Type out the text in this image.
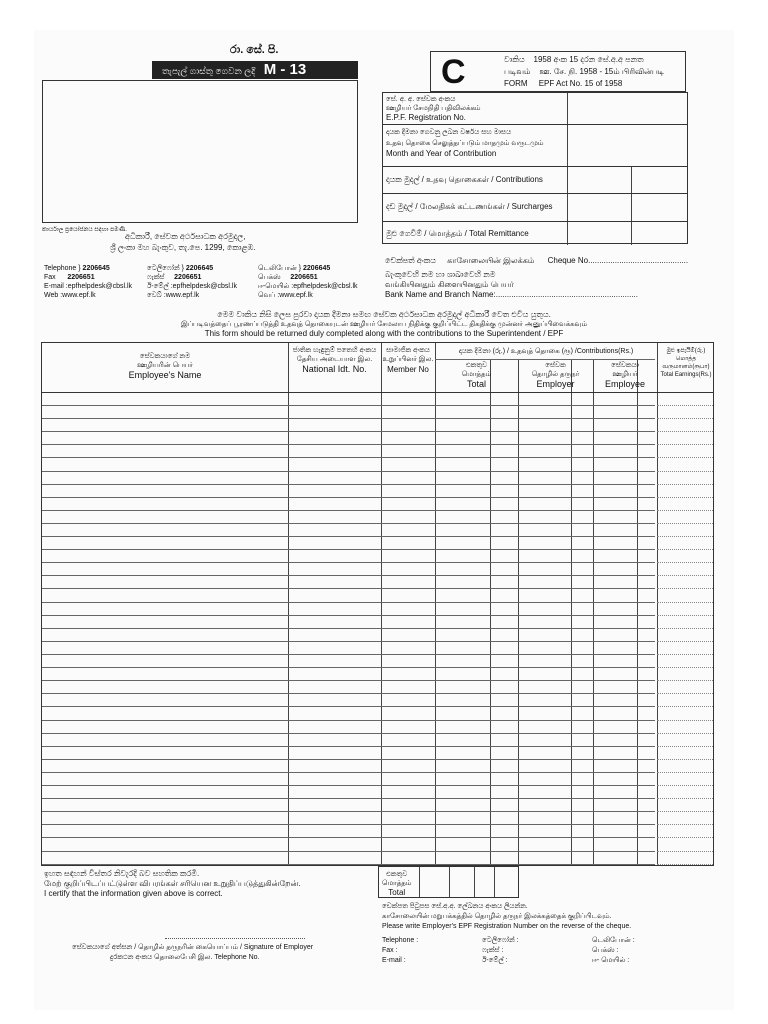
රා. සේ. පි.
තැපැල් ගාස්තු ගෙවන ලදි M - 13
කාර්යාල ප්‍රයෝජනය සඳහා පමණි.
අධිකාරී, සේවක අර්ථසාධක අරමුදල,
ශ්‍රී ලංකා මහ බැංකුව, තැ.පෙ. 1299, කොළඹ.
Telephone } 2206645
Fax 2206651
E-mail :epfhelpdesk@cbsl.lk
Web :www.epf.lk
ටෙලිෆෝන් } 2206645
ෆැක්ස් 2206651
ඊ-මේල් :epfhelpdesk@cbsl.lk
වෙබ් :www.epf.lk
டெலிபோன் } 2206645
பெக்ஸ் 2206651
ஈ-மெயில் :epfhelpdesk@cbsl.lk
வெப் :www.epf.lk
C	වාකිය 1958 අංක 15 දරන සේ.අ.අ පනත
படிவம் ஊ. சே. நி. 1958 - 15ம் பிரிவின்படி
FORM EPF Act No. 15 of 1958
සේ. අ. අ. සේවක අංකය
ஊழியர் சேமநிதி பதிவிலக்கம்
E.P.F. Registration No.
දායක දීමනා ගෙවනු ලබන වර්ෂය සහ මාසය
உதவு தொகை செலுத்தப்படும் மாதமும் வருடமும்
Month and Year of Contribution
දායක මුදල් / உதவு தொகைகள் / Contributions
දඩ මුදල් / மேலதிகக் கட்டணங்கள் / Surcharges
මුළු ගෙවීම් / மொத்தம் / Total Remittance
චෙක්පත් අංකය காசோலையின் இலக்கம் Cheque No.............................................
බැංකුවෙහි නම හා ශාඛාවෙහි නම
வங்கியினதும் கிளையினதும் பெயர்
Bank Name and Branch Name:................................................................
මෙම වාකිය නිසි ලෙස පුරවා දායක දීමනා සමඟ සේවක අර්ථසාධක අරමුදල් අධිකාරී වෙත එවිය යුතුය.
இப்படிவத்தைப் பூரணப்படுத்தி உதவுத் தொகையுடன் ஊழியர் சேமலாப நிதிக்கு குறிப்பிட்ட திகதிக்கு முன்னர் அனுப்பிவைக்கவும்
This form should be returned duly completed along with the contributions to the Superintendent / EPF
සේවකයාගේ නම
ஊழியரின் பெயர்
Employee's Name
ජාතික හැඳුනුම් පතෙහි අංකය
தேசிய அடையாள இல.
National Idt. No.
සාමාජික අංකය
உறுப்பினர் இல.
Member No
දායක දීමනා (රු.) / உதவுத் தொகை (ரூ) /Contributions(Rs.)
එකතුව
மொத்தம்
Total
සේවක
தொழில் தருநர்
Employer
සේවකයා
ஊழியர்
Employee
මුළු ඉපැයීම්(රු.)
மொத்த வருமானம்(ரூபா)
Total Earnings(Rs.)
එකතුව
மொத்தம்
Total
ඉහත සඳහන් විස්තර නිවැරදි බව සහතික කරමි.
மேற் குறிப்பிடப்பட்டுள்ள விபரங்கள் சரியென உறுதிப்படுத்துகின்றேன்.
I certify that the information given above is correct.
සේවකයාගේ අත්සන / தொழில் தருநரின் கையொப்பம் / Signature of Employer
දුරකථන අංකය தொலைபேசி இல. Telephone No.
චෙක්පත පිටුපස සේ.අ.අ. ලේඛනය අංකය ලියන්න.
காசோலையின் மறுபக்கத்தில் தொழில் தருநர் இலக்கத்தைக் குறிப்பிடவும்.
Please write Employer's EPF Registration Number on the reverse of the cheque.
Telephone :
Fax :
E-mail :
ටෙලිෆෝන් :
ෆැක්ස් :
ඊ-මේල් :
டெலிபோன் :
பெக்ஸ் :
ஈ- மெயில் :
